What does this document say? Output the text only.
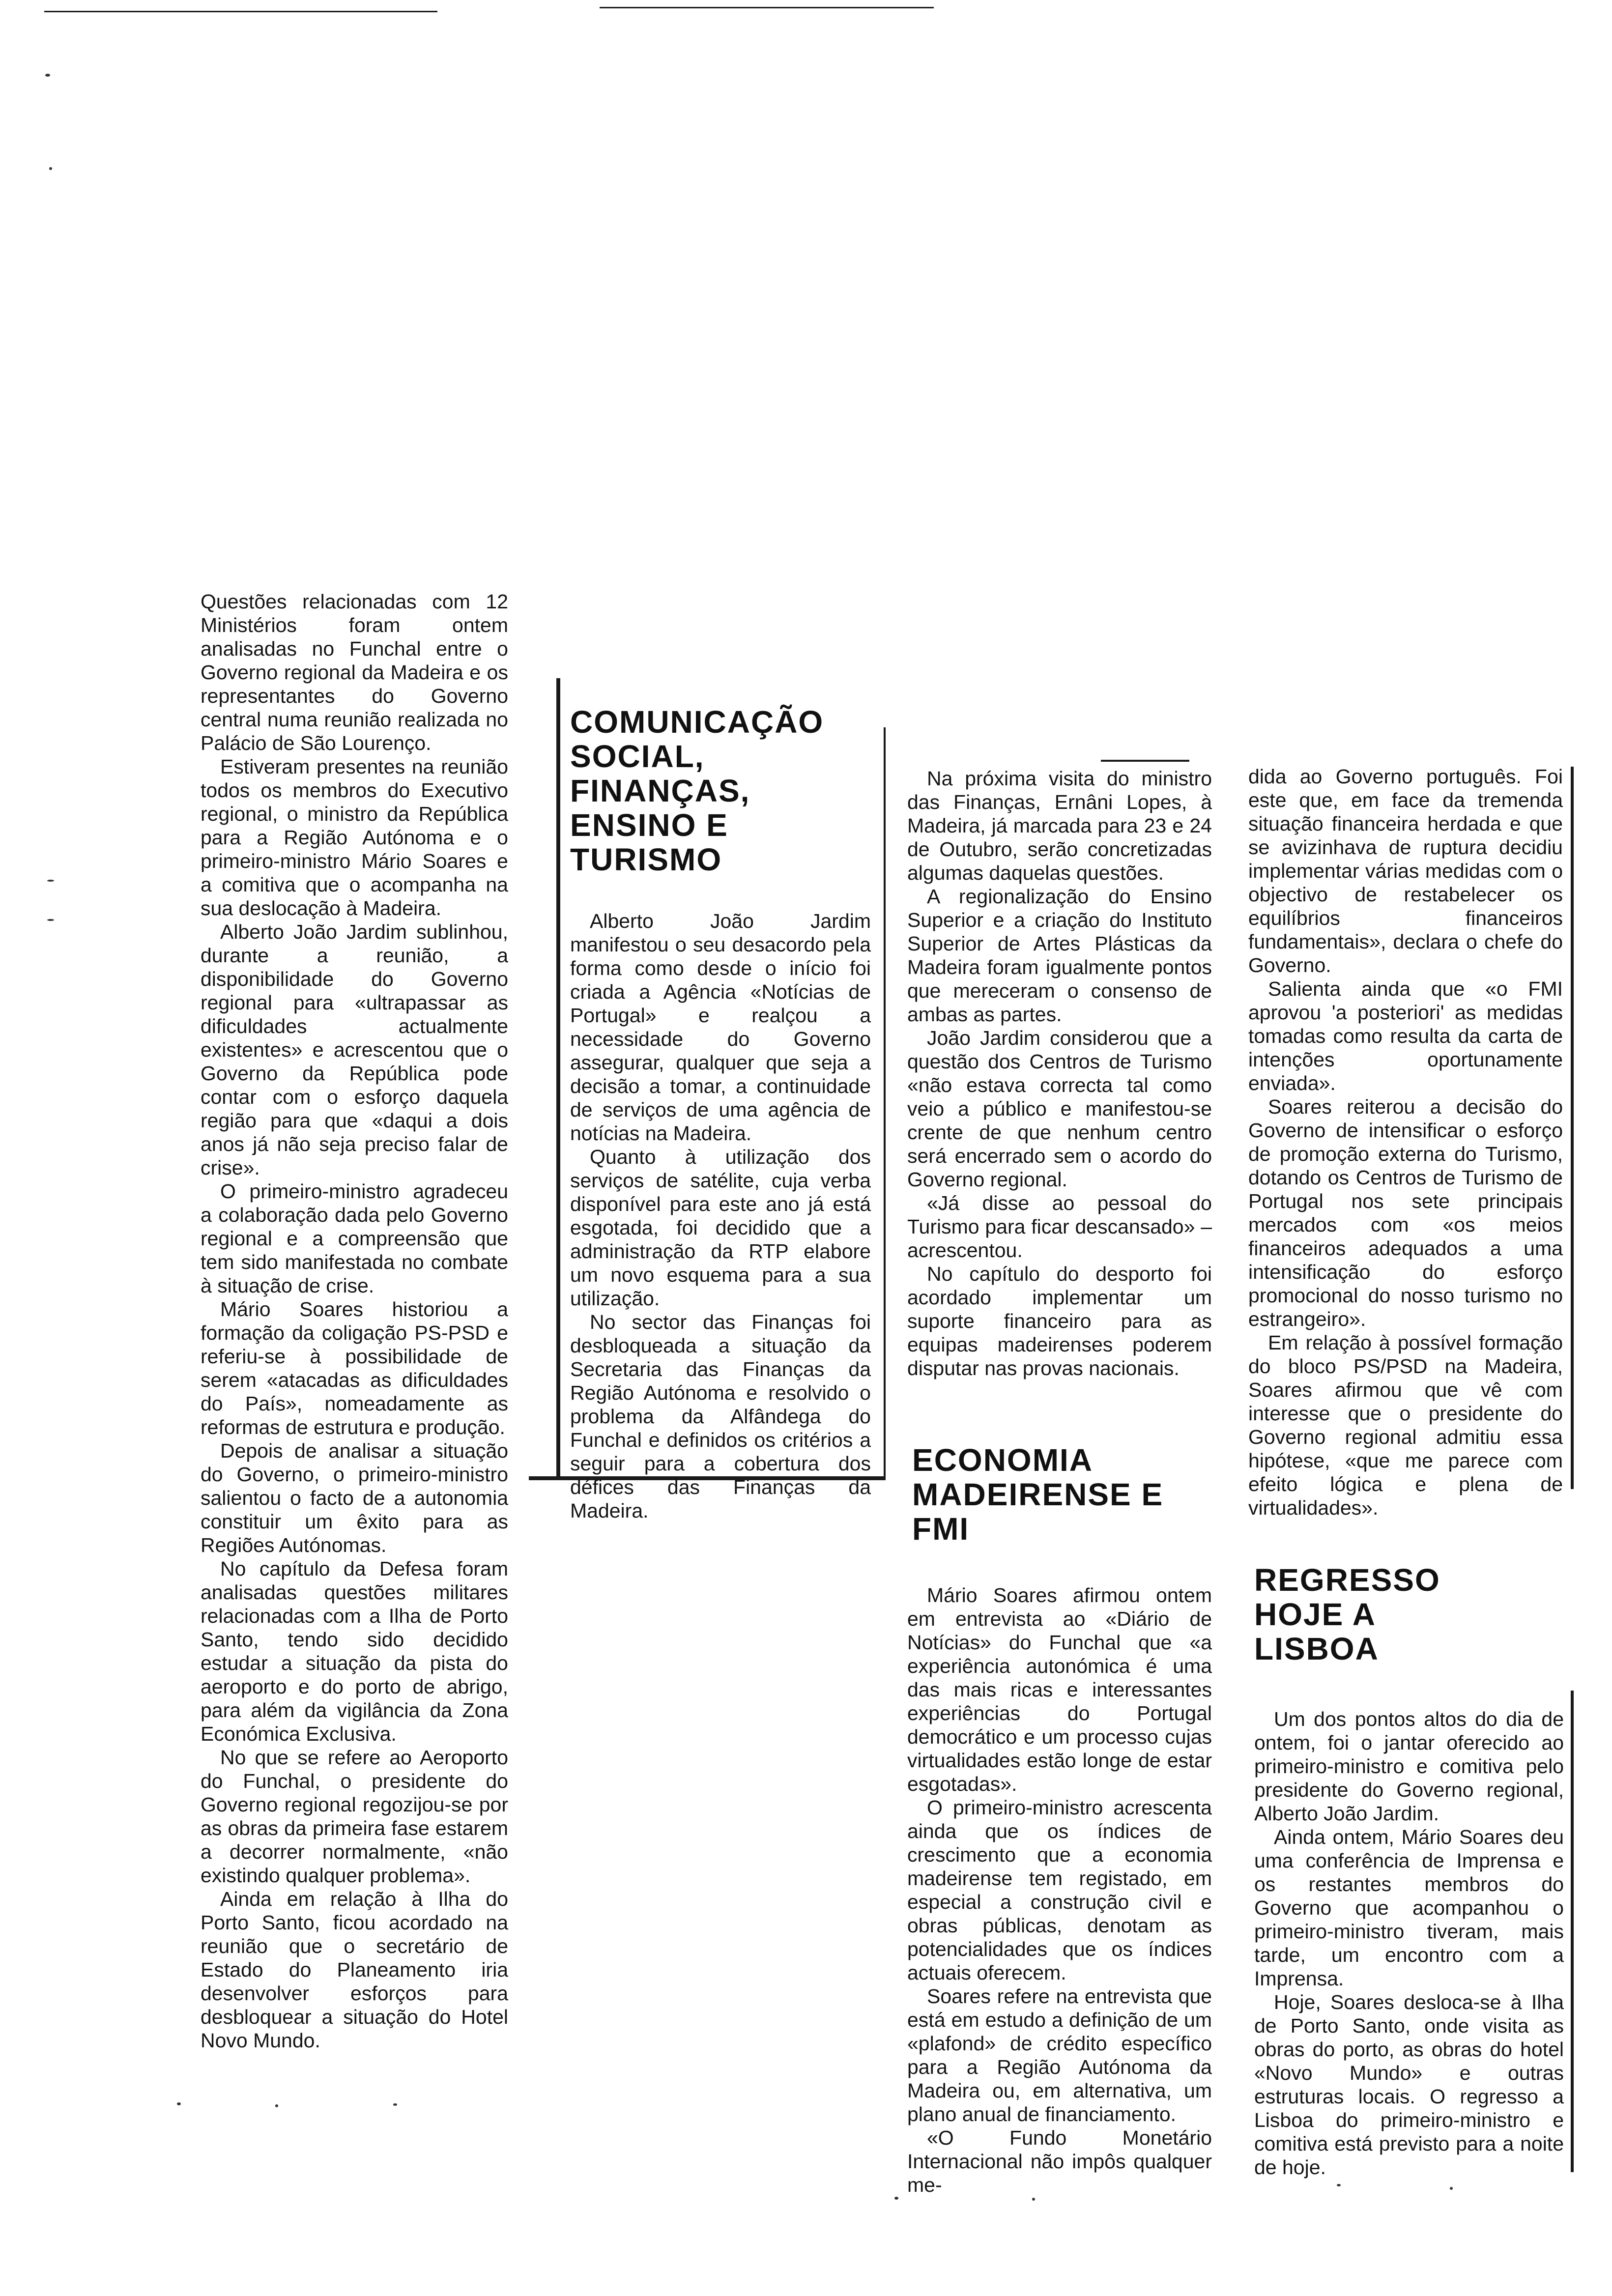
Questões relacionadas com 12 Ministérios foram ontem analisadas no Funchal entre o Governo regional da Madeira e os representantes do Governo central numa reunião realizada no Palácio de São Lourenço.

Estiveram presentes na reunião todos os membros do Executivo regional, o ministro da República para a Região Autónoma e o primeiro-ministro Mário Soares e a comitiva que o acompanha na sua deslocação à Madeira.

Alberto João Jardim sublinhou, durante a reunião, a disponibilidade do Governo regional para «ultrapassar as dificuldades actualmente existentes» e acrescentou que o Governo da República pode contar com o esforço daquela região para que «daqui a dois anos já não seja preciso falar de crise».

O primeiro-ministro agradeceu a colaboração dada pelo Governo regional e a compreensão que tem sido manifestada no combate à situação de crise.

Mário Soares historiou a formação da coligação PS-PSD e referiu-se à possibilidade de serem «atacadas as dificuldades do País», nomeadamente as reformas de estrutura e produção.

Depois de analisar a situação do Governo, o primeiro-ministro salientou o facto de a autonomia constituir um êxito para as Regiões Autónomas.

No capítulo da Defesa foram analisadas questões militares relacionadas com a Ilha de Porto Santo, tendo sido decidido estudar a situação da pista do aeroporto e do porto de abrigo, para além da vigilância da Zona Económica Exclusiva.

No que se refere ao Aeroporto do Funchal, o presidente do Governo regional regozijou-se por as obras da primeira fase estarem a decorrer normalmente, «não existindo qualquer problema».

Ainda em relação à Ilha do Porto Santo, ficou acordado na reunião que o secretário de Estado do Planeamento iria desenvolver esforços para desbloquear a situação do Hotel Novo Mundo.

COMUNICAÇÃO SOCIAL, FINANÇAS, ENSINO E TURISMO

Alberto João Jardim manifestou o seu desacordo pela forma como desde o início foi criada a Agência «Notícias de Portugal» e realçou a necessidade do Governo assegurar, qualquer que seja a decisão a tomar, a continuidade de serviços de uma agência de notícias na Madeira.

Quanto à utilização dos serviços de satélite, cuja verba disponível para este ano já está esgotada, foi decidido que a administração da RTP elabore um novo esquema para a sua utilização.

No sector das Finanças foi desbloqueada a situação da Secretaria das Finanças da Região Autónoma e resolvido o problema da Alfândega do Funchal e definidos os critérios a seguir para a cobertura dos défices das Finanças da Madeira.

Na próxima visita do ministro das Finanças, Ernâni Lopes, à Madeira, já marcada para 23 e 24 de Outubro, serão concretizadas algumas daquelas questões.

A regionalização do Ensino Superior e a criação do Instituto Superior de Artes Plásticas da Madeira foram igualmente pontos que mereceram o consenso de ambas as partes.

João Jardim considerou que a questão dos Centros de Turismo «não estava correcta tal como veio a público e manifestou-se crente de que nenhum centro será encerrado sem o acordo do Governo regional.

«Já disse ao pessoal do Turismo para ficar descansado» – acrescentou.

No capítulo do desporto foi acordado implementar um suporte financeiro para as equipas madeirenses poderem disputar nas provas nacionais.

ECONOMIA MADEIRENSE E FMI

Mário Soares afirmou ontem em entrevista ao «Diário de Notícias» do Funchal que «a experiência autonómica é uma das mais ricas e interessantes experiências do Portugal democrático e um processo cujas virtualidades estão longe de estar esgotadas».

O primeiro-ministro acrescenta ainda que os índices de crescimento que a economia madeirense tem registado, em especial a construção civil e obras públicas, denotam as potencialidades que os índices actuais oferecem.

Soares refere na entrevista que está em estudo a definição de um «plafond» de crédito específico para a Região Autónoma da Madeira ou, em alternativa, um plano anual de financiamento.

«O Fundo Monetário Internacional não impôs qualquer me-

dida ao Governo português. Foi este que, em face da tremenda situação financeira herdada e que se avizinhava de ruptura decidiu implementar várias medidas com o objectivo de restabelecer os equilíbrios financeiros fundamentais», declara o chefe do Governo.

Salienta ainda que «o FMI aprovou 'a posteriori' as medidas tomadas como resulta da carta de intenções oportunamente enviada».

Soares reiterou a decisão do Governo de intensificar o esforço de promoção externa do Turismo, dotando os Centros de Turismo de Portugal nos sete principais mercados com «os meios financeiros adequados a uma intensificação do esforço promocional do nosso turismo no estrangeiro».

Em relação à possível formação do bloco PS/PSD na Madeira, Soares afirmou que vê com interesse que o presidente do Governo regional admitiu essa hipótese, «que me parece com efeito lógica e plena de virtualidades».

REGRESSO HOJE A LISBOA

Um dos pontos altos do dia de ontem, foi o jantar oferecido ao primeiro-ministro e comitiva pelo presidente do Governo regional, Alberto João Jardim.

Ainda ontem, Mário Soares deu uma conferência de Imprensa e os restantes membros do Governo que acompanhou o primeiro-ministro tiveram, mais tarde, um encontro com a Imprensa.

Hoje, Soares desloca-se à Ilha de Porto Santo, onde visita as obras do porto, as obras do hotel «Novo Mundo» e outras estruturas locais. O regresso a Lisboa do primeiro-ministro e comitiva está previsto para a noite de hoje.
